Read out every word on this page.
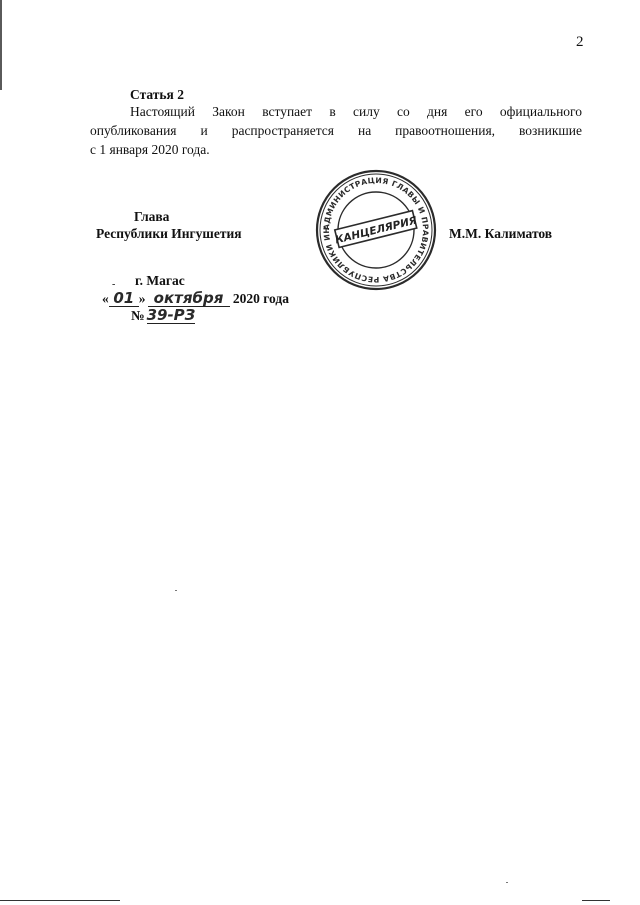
2
Статья 2
Настоящий Закон вступает в силу со дня его официального
опубликования и распространяется на правоотношения, возникшие
с 1 января 2020 года.
Глава
Республики Ингушетия	АДМИНИСТРАЦИЯ ГЛАВЫ И ПРАВИТЕЛЬСТВА РЕСПУБЛИКИ ИН КАНЦЕЛЯРИЯ М.М. Калиматов
- г. Магас
« 01 » октября 2020 года
№ 39-РЗ
